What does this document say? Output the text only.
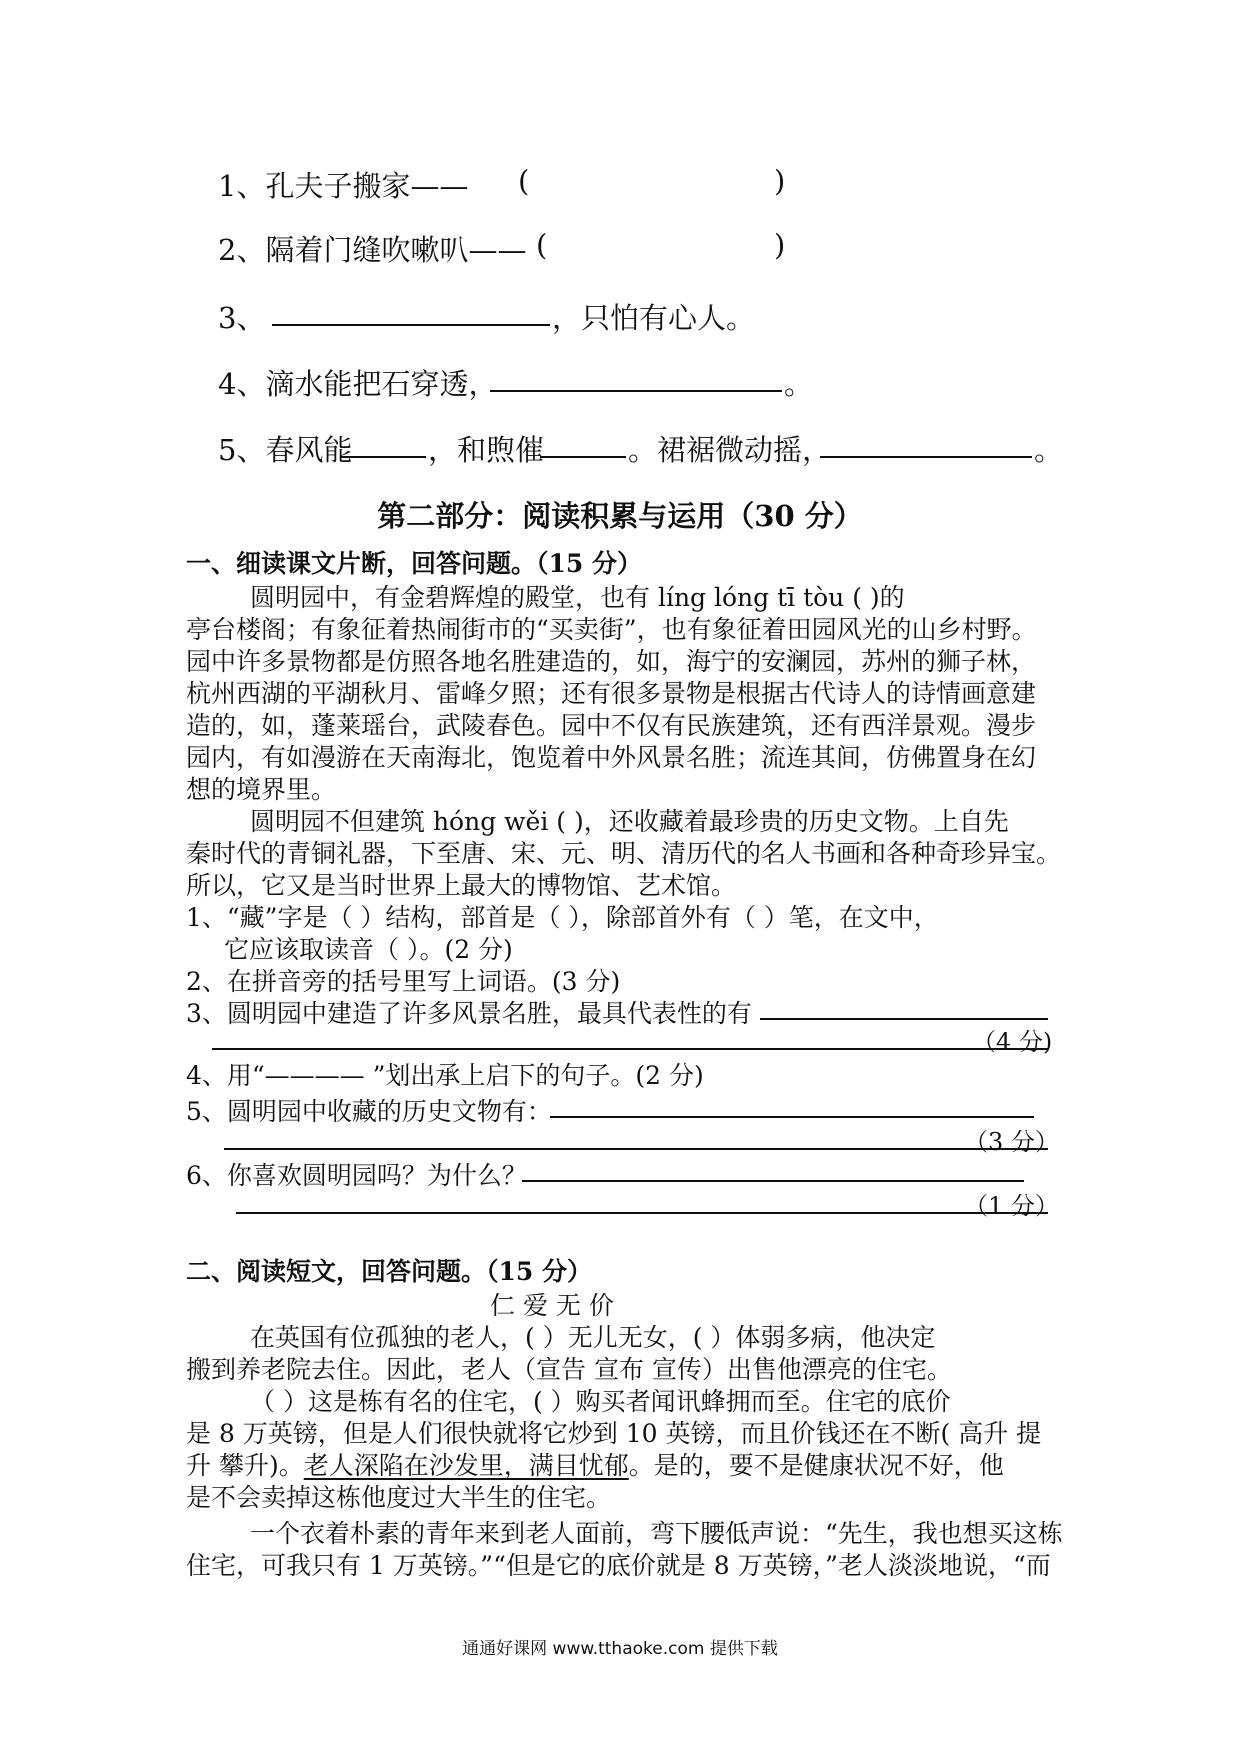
1、孔夫子搬家—— (	)
2、隔着门缝吹嗽叭—— (	)
3、	，只怕有心人。
4、滴水能把石穿透，	。
5、春风能	，和煦催	。裙裾微动摇，	。
第二部分：阅读积累与运用（30 分）
一、细读课文片断，回答问题。（15 分）
圆明园中，有金碧辉煌的殿堂，也有 líng lóng tī tòu ( )的
亭台楼阁；有象征着热闹街市的“买卖街”，也有象征着田园风光的山乡村野。
园中许多景物都是仿照各地名胜建造的，如，海宁的安澜园，苏州的狮子林，
杭州西湖的平湖秋月、雷峰夕照；还有很多景物是根据古代诗人的诗情画意建
造的，如，蓬莱瑶台，武陵春色。园中不仅有民族建筑，还有西洋景观。漫步
园内，有如漫游在天南海北，饱览着中外风景名胜；流连其间，仿佛置身在幻
想的境界里。
圆明园不但建筑 hóng wěi ( )，还收藏着最珍贵的历史文物。上自先
秦时代的青铜礼器，下至唐、宋、元、明、清历代的名人书画和各种奇珍异宝。
所以，它又是当时世界上最大的博物馆、艺术馆。
1、“藏”字是（ ）结构，部首是（ ），除部首外有（ ）笔，在文中，
它应该取读音（ ）。(2 分)
2、在拼音旁的括号里写上词语。(3 分)
3、圆明园中建造了许多风景名胜，最具代表性的有
（4 分)
4、用“———— ”划出承上启下的句子。(2 分)
5、圆明园中收藏的历史文物有：
（3 分）
6、你喜欢圆明园吗？为什么？
（1 分）
二、阅读短文，回答问题。（15 分）
仁 爱 无 价
在英国有位孤独的老人，( ）无儿无女，( ）体弱多病，他决定
搬到养老院去住。因此，老人（宣告 宣布 宣传）出售他漂亮的住宅。
（ ）这是栋有名的住宅，( ）购买者闻讯蜂拥而至。住宅的底价
是 8 万英镑，但是人们很快就将它炒到 10 英镑，而且价钱还在不断( 高升 提
升 攀升)。老人深陷在沙发里，满目忧郁。是的，要不是健康状况不好，他
是不会卖掉这栋他度过大半生的住宅。
一个衣着朴素的青年来到老人面前，弯下腰低声说：“先生，我也想买这栋
住宅，可我只有 1 万英镑。”“但是它的底价就是 8 万英镑，”老人淡淡地说，“而
通通好课网 www.tthaoke.com 提供下载
